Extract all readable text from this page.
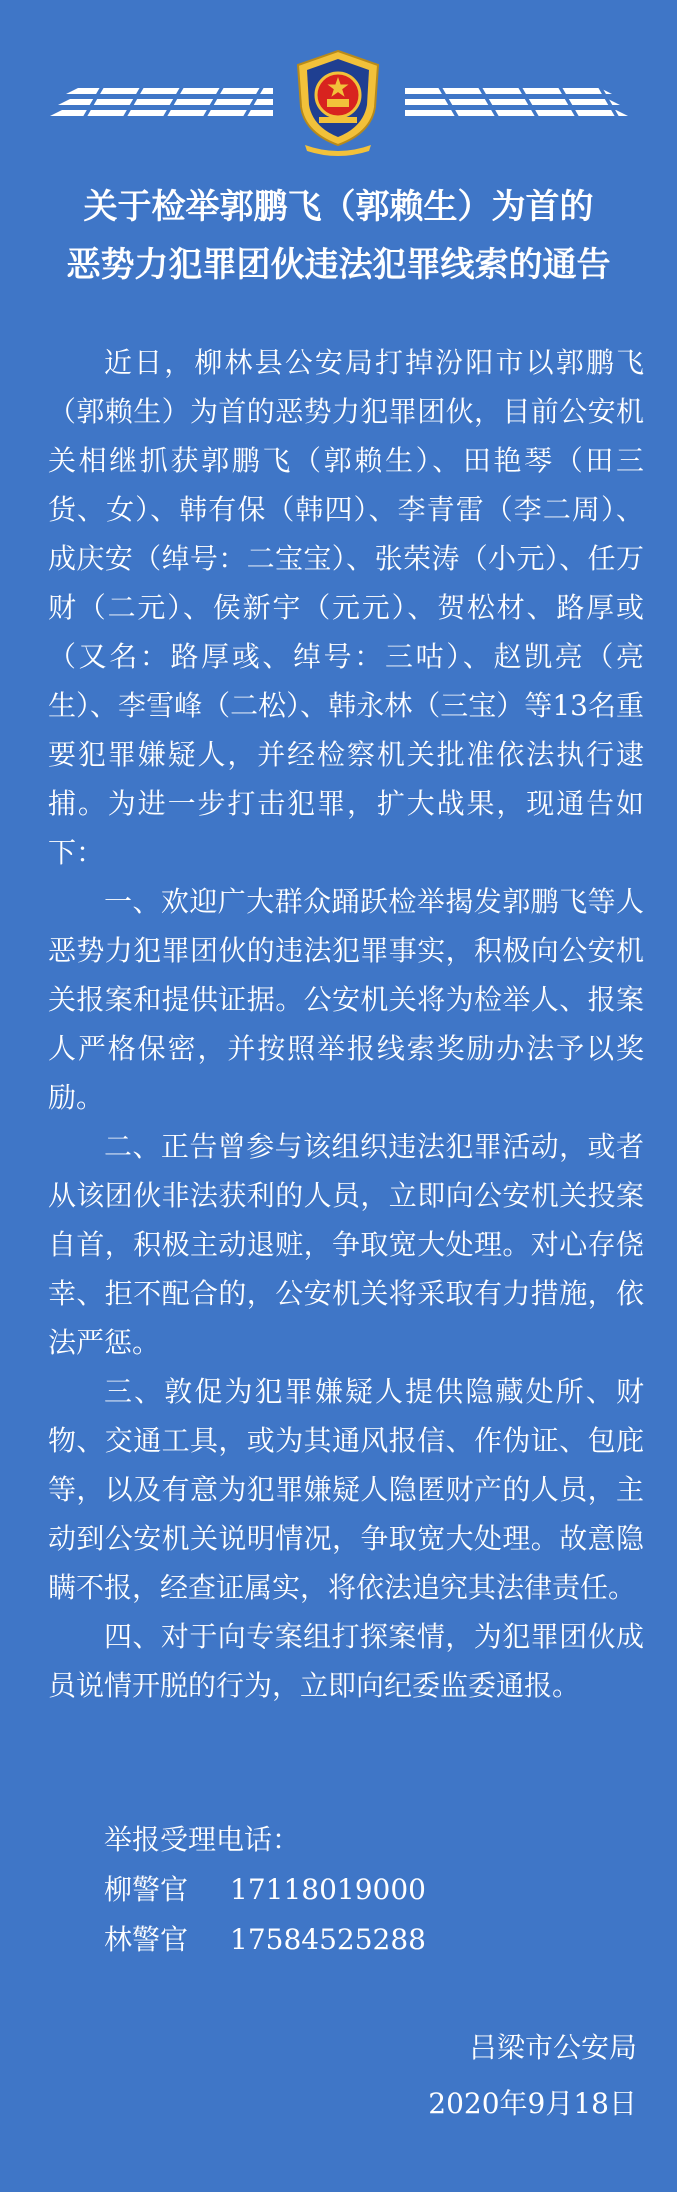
关于检举郭鹏飞（郭赖生）为首的
恶势力犯罪团伙违法犯罪线索的通告

近日，柳林县公安局打掉汾阳市以郭鹏飞（郭赖生）为首的恶势力犯罪团伙，目前公安机关相继抓获郭鹏飞（郭赖生）、田艳琴（田三货、女）、韩有保（韩四）、李青雷（李二周）、成庆安（绰号：二宝宝）、张荣涛（小元）、任万财（二元）、侯新宇（元元）、贺松材、路厚或（又名：路厚彧、绰号：三咕）、赵凯亮（亮生）、李雪峰（二松）、韩永林（三宝）等13名重要犯罪嫌疑人，并经检察机关批准依法执行逮捕。为进一步打击犯罪，扩大战果，现通告如下：

一、欢迎广大群众踊跃检举揭发郭鹏飞等人恶势力犯罪团伙的违法犯罪事实，积极向公安机关报案和提供证据。公安机关将为检举人、报案人严格保密，并按照举报线索奖励办法予以奖励。

二、正告曾参与该组织违法犯罪活动，或者从该团伙非法获利的人员，立即向公安机关投案自首，积极主动退赃，争取宽大处理。对心存侥幸、拒不配合的，公安机关将采取有力措施，依法严惩。

三、敦促为犯罪嫌疑人提供隐藏处所、财物、交通工具，或为其通风报信、作伪证、包庇等，以及有意为犯罪嫌疑人隐匿财产的人员，主动到公安机关说明情况，争取宽大处理。故意隐瞒不报，经查证属实，将依法追究其法律责任。

四、对于向专案组打探案情，为犯罪团伙成员说情开脱的行为，立即向纪委监委通报。

举报受理电话：
柳警官 17118019000
林警官 17584525288
吕梁市公安局
2020年9月18日
